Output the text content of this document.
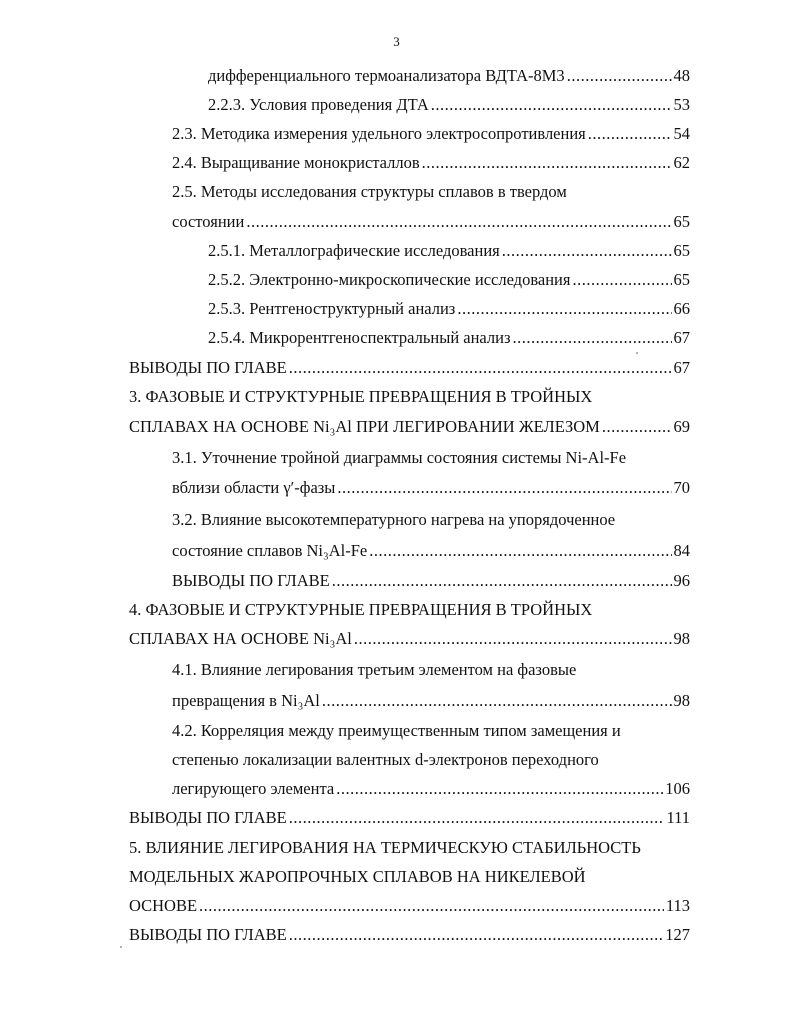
3
дифференциального термоанализатора ВДТА-8М3 .....	48
2.2.3. Условия проведения ДТА .....	53
2.3. Методика измерения удельного электросопротивления .....	54
2.4. Выращивание монокристаллов .....	62
2.5. Методы исследования структуры сплавов в твердом
состоянии .....	65
2.5.1. Металлографические исследования .....	65
2.5.2. Электронно-микроскопические исследования .....	65
2.5.3. Рентгеноструктурный анализ .....	66
2.5.4. Микрорентгеноспектральный анализ .....	67
ВЫВОДЫ ПО ГЛАВЕ .....	67
3. ФАЗОВЫЕ И СТРУКТУРНЫЕ ПРЕВРАЩЕНИЯ В ТРОЙНЫХ
СПЛАВАХ НА ОСНОВЕ Ni₃Al ПРИ ЛЕГИРОВАНИИ ЖЕЛЕЗОМ .....	69
3.1. Уточнение тройной диаграммы состояния системы Ni-Al-Fe
вблизи области γ′-фазы .....	70
3.2. Влияние высокотемпературного нагрева на упорядоченное
состояние сплавов Ni₃Al-Fe .....	84
ВЫВОДЫ ПО ГЛАВЕ .....	96
4. ФАЗОВЫЕ И СТРУКТУРНЫЕ ПРЕВРАЩЕНИЯ В ТРОЙНЫХ
СПЛАВАХ НА ОСНОВЕ Ni₃Al .....	98
4.1. Влияние легирования третьим элементом на фазовые
превращения в Ni₃Al .....	98
4.2. Корреляция между преимущественным типом замещения и
степенью локализации валентных d-электронов переходного
легирующего элемента .....	106
ВЫВОДЫ ПО ГЛАВЕ .....	111
5. ВЛИЯНИЕ ЛЕГИРОВАНИЯ НА ТЕРМИЧЕСКУЮ СТАБИЛЬНОСТЬ
МОДЕЛЬНЫХ ЖАРОПРОЧНЫХ СПЛАВОВ НА НИКЕЛЕВОЙ
ОСНОВЕ .....	113
ВЫВОДЫ ПО ГЛАВЕ .....	127
